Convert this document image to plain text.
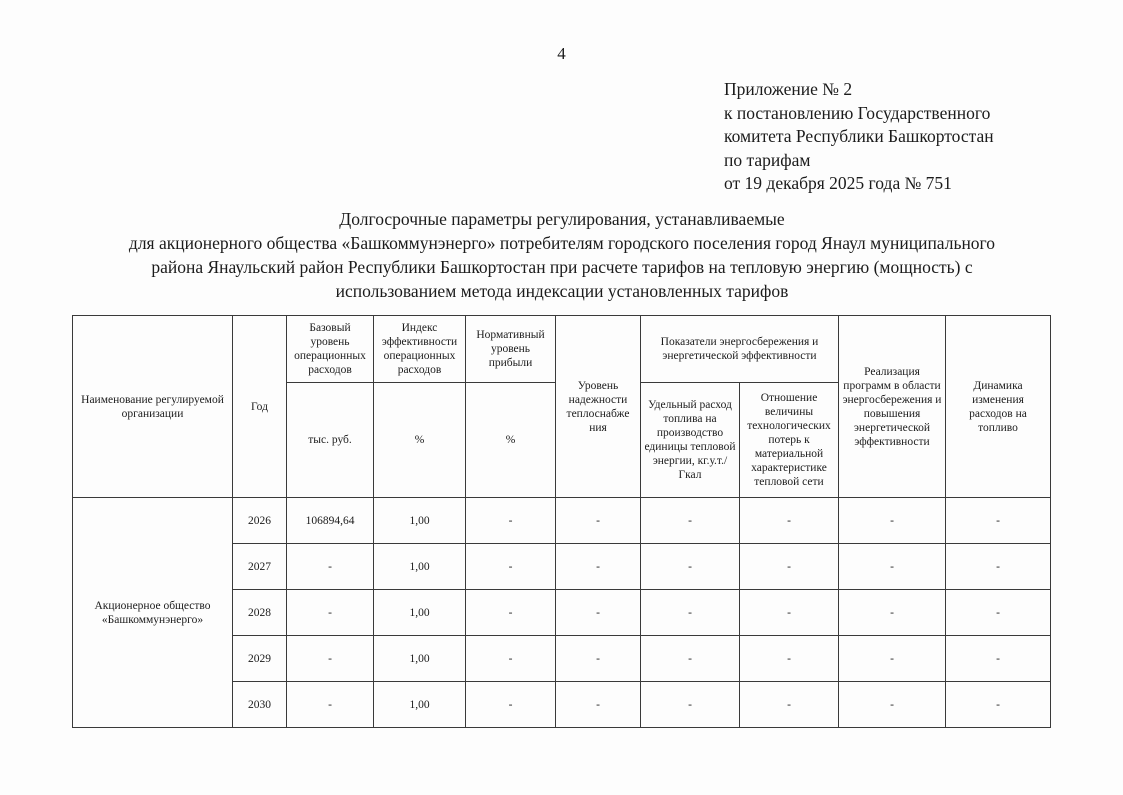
4
Приложение № 2
к постановлению Государственного
комитета Республики Башкортостан
по тарифам
от 19 декабря 2025 года № 751
Долгосрочные параметры регулирования, устанавливаемые
для акционерного общества «Башкоммунэнерго» потребителям городского поселения город Янаул муниципального
района Янаульский район Республики Башкортостан при расчете тарифов на тепловую энергию (мощность) с
использованием метода индексации установленных тарифов
Наименование регулируемой организации	Год	Базовый уровень операционных расходов	Индекс эффективности операционных расходов	Нормативный уровень прибыли	Уровень надежности теплоснабже ния	Показатели энергосбережения и энергетической эффективности		Реализация программ в области энергосбережения и повышения энергетической эффективности	Динамика изменения расходов на топливо
						Удельный расход топлива на производство единицы тепловой энергии, кг.у.т./Гкал	Отношение величины технологических потерь к материальной характеристике тепловой сети		
		тыс. руб.	%	%					
Акционерное общество «Башкоммунэнерго»	2026	106894,64	1,00	-	-	-	-	-	-
	2027	-	1,00	-	-	-	-	-	-
	2028	-	1,00	-	-	-	-	-	-
	2029	-	1,00	-	-	-	-	-	-
	2030	-	1,00	-	-	-	-	-	-
